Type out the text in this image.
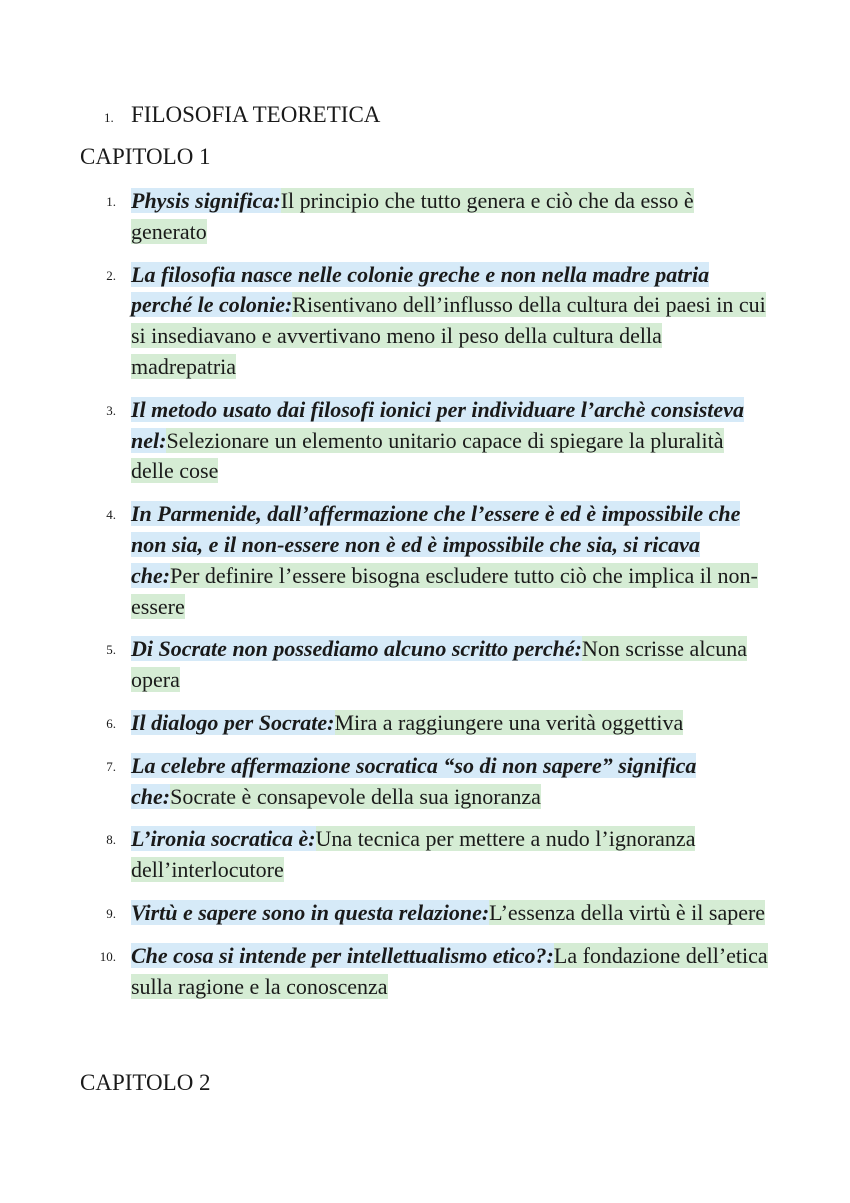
1. FILOSOFIA TEORETICA
CAPITOLO 1
1. Physis significa:Il principio che tutto genera e ciò che da esso è generato
2. La filosofia nasce nelle colonie greche e non nella madre patria perché le colonie:Risentivano dell’influsso della cultura dei paesi in cui si insediavano e avvertivano meno il peso della cultura della madrepatria
3. Il metodo usato dai filosofi ionici per individuare l’archè consisteva nel:Selezionare un elemento unitario capace di spiegare la pluralità delle cose
4. In Parmenide, dall’affermazione che l’essere è ed è impossibile che non sia, e il non-essere non è ed è impossibile che sia, si ricava che:Per definire l’essere bisogna escludere tutto ciò che implica il non-essere
5. Di Socrate non possediamo alcuno scritto perché:Non scrisse alcuna opera
6. Il dialogo per Socrate:Mira a raggiungere una verità oggettiva
7. La celebre affermazione socratica “so di non sapere” significa che:Socrate è consapevole della sua ignoranza
8. L’ironia socratica è:Una tecnica per mettere a nudo l’ignoranza dell’interlocutore
9. Virtù e sapere sono in questa relazione:L’essenza della virtù è il sapere
10. Che cosa si intende per intellettualismo etico?:La fondazione dell’etica sulla ragione e la conoscenza
CAPITOLO 2
